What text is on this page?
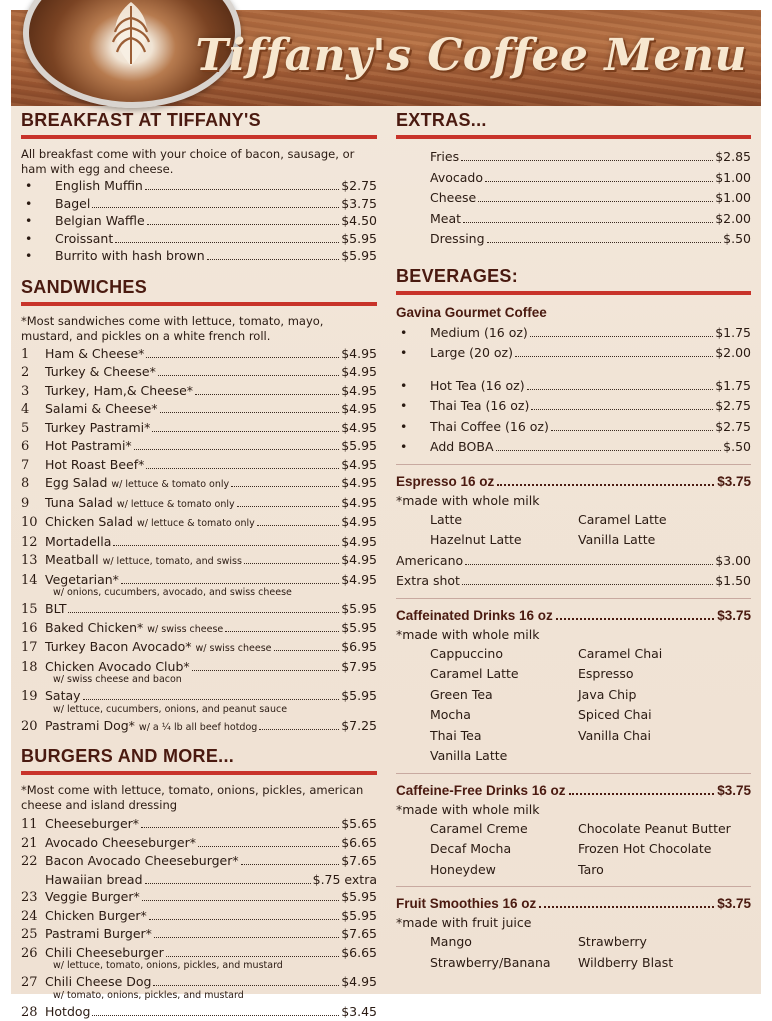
Tiffany's Coffee Menu
BREAKFAST AT TIFFANY'S
All breakfast come with your choice of bacon, sausage, or ham with egg and cheese.
•	English Muffin	$2.75
•	Bagel	$3.75
•	Belgian Waffle	$4.50
•	Croissant	$5.95
•	Burrito with hash brown	$5.95
SANDWICHES
*Most sandwiches come with lettuce, tomato, mayo, mustard, and pickles on a white french roll.
1	Ham & Cheese*	$4.95
2	Turkey & Cheese*	$4.95
3	Turkey, Ham,& Cheese*	$4.95
4	Salami & Cheese*	$4.95
5	Turkey Pastrami*	$4.95
6	Hot Pastrami*	$5.95
7	Hot Roast Beef*	$4.95
8	Egg Salad w/ lettuce & tomato only	$4.95
9	Tuna Salad w/ lettuce & tomato only	$4.95
10 Chicken Salad w/ lettuce & tomato only	$4.95
12 Mortadella	$4.95
13 Meatball w/ lettuce, tomato, and swiss	$4.95
14 Vegetarian*	$4.95
w/ onions, cucumbers, avocado, and swiss cheese
15 BLT	$5.95
16 Baked Chicken* w/ swiss cheese	$5.95
17 Turkey Bacon Avocado* w/ swiss cheese	$6.95
18 Chicken Avocado Club*	$7.95
w/ swiss cheese and bacon
19 Satay	$5.95
w/ lettuce, cucumbers, onions, and peanut sauce
20 Pastrami Dog* w/ a ¼ lb all beef hotdog	$7.25
BURGERS AND MORE...
*Most come with lettuce, tomato, onions, pickles, american cheese and island dressing
11 Cheeseburger*	$5.65
21 Avocado Cheeseburger*	$6.65
22 Bacon Avocado Cheeseburger*	$7.65
Hawaiian bread	$.75 extra
23 Veggie Burger*	$5.95
24 Chicken Burger*	$5.95
25 Pastrami Burger*	$7.65
26 Chili Cheeseburger	$6.65
w/ lettuce, tomato, onions, pickles, and mustard
27 Chili Cheese Dog	$4.95
w/ tomato, onions, pickles, and mustard
28 Hotdog	$3.45
EXTRAS...
Fries	$2.85
Avocado	$1.00
Cheese	$1.00
Meat	$2.00
Dressing	$.50
BEVERAGES:
Gavina Gourmet Coffee
•	Medium (16 oz)	$1.75
•	Large (20 oz)	$2.00
•	Hot Tea (16 oz)	$1.75
•	Thai Tea (16 oz)	$2.75
•	Thai Coffee (16 oz)	$2.75
•	Add BOBA	$.50
Espresso 16 oz	$3.75
*made with whole milk
Latte	Caramel Latte
Hazelnut Latte	Vanilla Latte
Americano	$3.00
Extra shot	$1.50
Caffeinated Drinks 16 oz	$3.75
*made with whole milk
Cappuccino	Caramel Chai
Caramel Latte	Espresso
Green Tea	Java Chip
Mocha	Spiced Chai
Thai Tea	Vanilla Chai
Vanilla Latte
Caffeine-Free Drinks 16 oz	$3.75
*made with whole milk
Caramel Creme	Chocolate Peanut Butter
Decaf Mocha	Frozen Hot Chocolate
Honeydew	Taro
Fruit Smoothies 16 oz	$3.75
*made with fruit juice
Mango	Strawberry
Strawberry/Banana	Wildberry Blast
